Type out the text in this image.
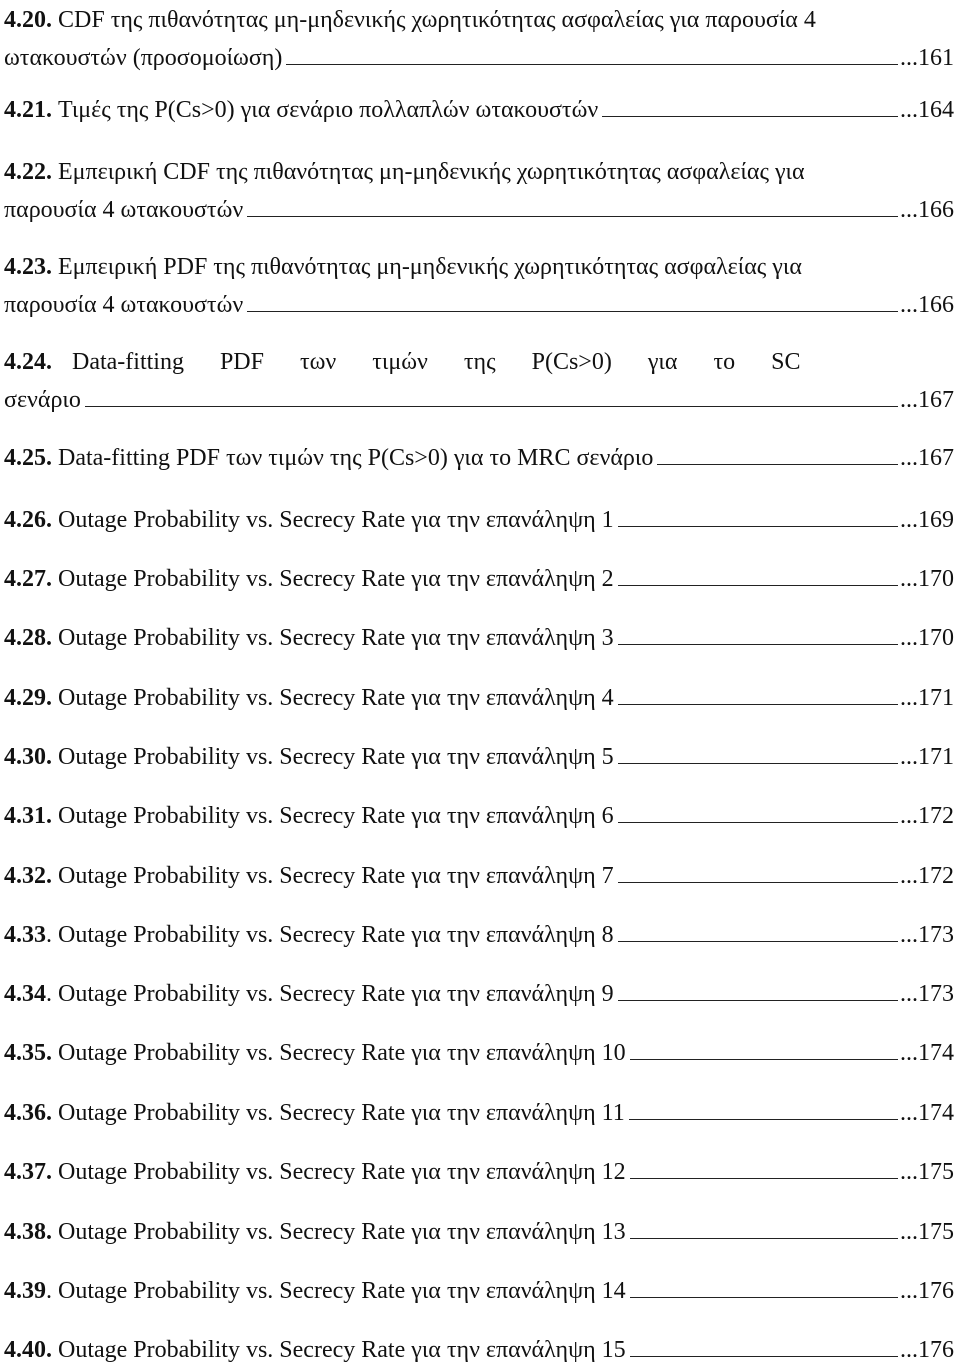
4.20. CDF της πιθανότητας μη-μηδενικής χωρητικότητας ασφαλείας για παρουσία 4
ωτακουστών (προσομοίωση)	...161
4.21.
Τιμές της P(Cs>0) για σενάριο πολλαπλών ωτακουστών	...164
4.22. Εμπειρική CDF της πιθανότητας μη-μηδενικής χωρητικότητας ασφαλείας για
παρουσία 4 ωτακουστών	...166
4.23. Εμπειρική PDF της πιθανότητας μη-μηδενικής χωρητικότητας ασφαλείας για
παρουσία 4 ωτακουστών	...166
4.24. Data-fitting PDF των τιμών της P(Cs>0) για το SC
σενάριο	...167
4.25.
Data-fitting PDF των τιμών της P(Cs>0) για το MRC σενάριο	...167
4.26.
Outage Probability vs. Secrecy Rate για την επανάληψη 1	...169
4.27.
Outage Probability vs. Secrecy Rate για την επανάληψη 2	...170
4.28.
Outage Probability vs. Secrecy Rate για την επανάληψη 3	...170
4.29.
Outage Probability vs. Secrecy Rate για την επανάληψη 4	...171
4.30.
Outage Probability vs. Secrecy Rate για την επανάληψη 5	...171
4.31.
Outage Probability vs. Secrecy Rate για την επανάληψη 6	...172
4.32.
Outage Probability vs. Secrecy Rate για την επανάληψη 7	...172
4.33 . Outage Probability vs. Secrecy Rate για την επανάληψη 8	...173
4.34 . Outage Probability vs. Secrecy Rate για την επανάληψη 9	...173
4.35.
Outage Probability vs. Secrecy Rate για την επανάληψη 10	...174
4.36.
Outage Probability vs. Secrecy Rate για την επανάληψη 11	...174
4.37.
Outage Probability vs. Secrecy Rate για την επανάληψη 12	...175
4.38.
Outage Probability vs. Secrecy Rate για την επανάληψη 13	...175
4.39 . Outage Probability vs. Secrecy Rate για την επανάληψη 14	...176
4.40.
Outage Probability vs. Secrecy Rate για την επανάληψη 15	...176
